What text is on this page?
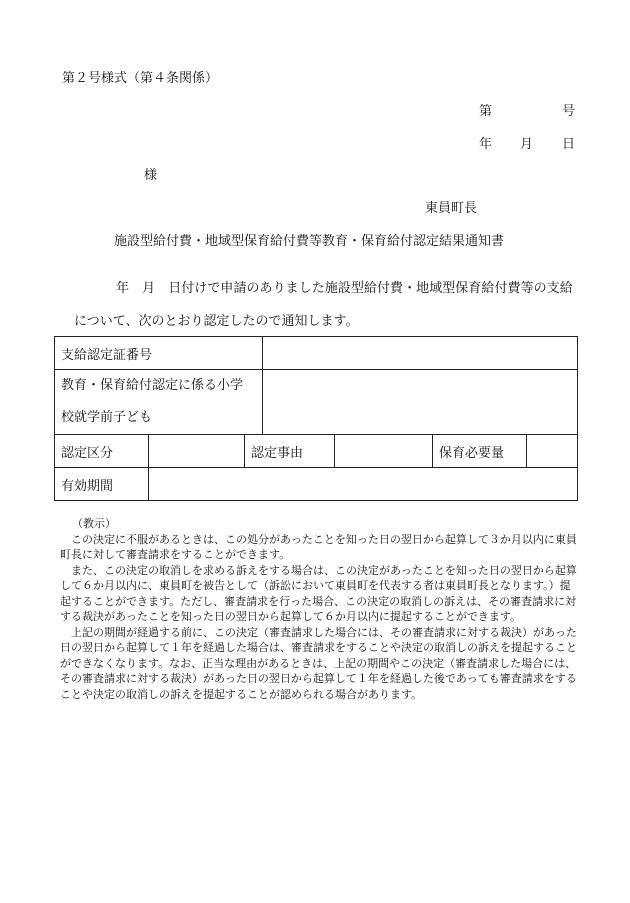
第２号様式（第４条関係）
第	号
年 月 日
様
東員町長
施設型給付費・地域型保育給付費等教育・保育給付認定結果通知書
年　月　日付けで申請のありました施設型給付費・地域型保育給付費等の支給
について、次のとおり認定したので通知します。
支給認定証番号						

教育・保育給付認定に係る小学
校就学前子ども						

認定区分		認定事由			保育必要量	
有効期間						
（教示）

この決定に不服があるときは、この処分があったことを知った日の翌日から起算して３か月以内に東員町長に対して審査請求をすることができます。

また、この決定の取消しを求める訴えをする場合は、この決定があったことを知った日の翌日から起算して６か月以内に、東員町を被告として（訴訟において東員町を代表する者は東員町長となります。）提起することができます。ただし、審査請求を行った場合、この決定の取消しの訴えは、その審査請求に対する裁決があったことを知った日の翌日から起算して６か月以内に提起することができます。

上記の期間が経過する前に、この決定（審査請求した場合には、その審査請求に対する裁決）があった日の翌日から起算して１年を経過した場合は、審査請求をすることや決定の取消しの訴えを提起することができなくなります。なお、正当な理由があるときは、上記の期間やこの決定（審査請求した場合には、その審査請求に対する裁決）があった日の翌日から起算して１年を経過した後であっても審査請求をすることや決定の取消しの訴えを提起することが認められる場合があります。
